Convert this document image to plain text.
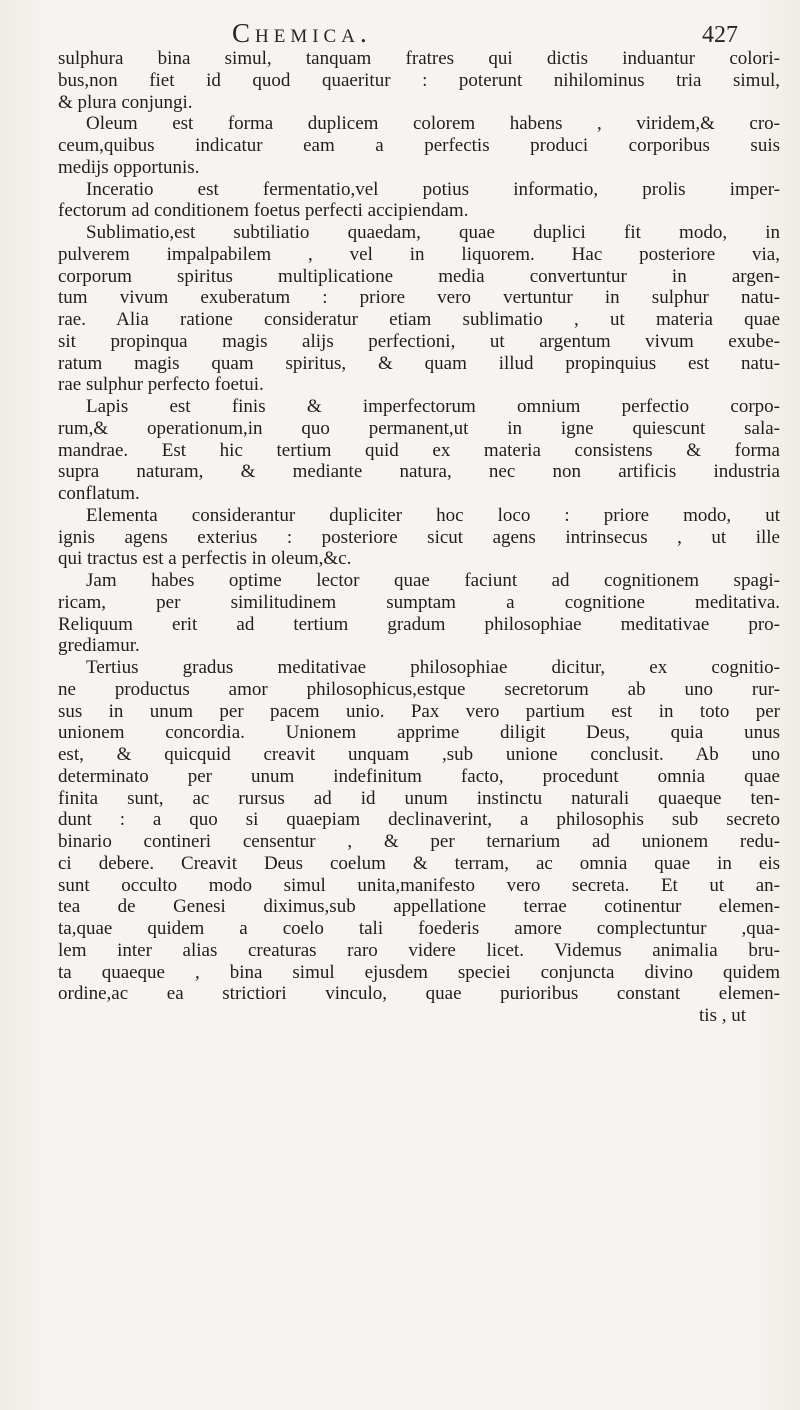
Chemica.	427
sulphura bina simul, tanquam fratres qui dictis induantur colori-
bus,non fiet id quod quaeritur : poterunt nihilominus tria simul,
& plura conjungi.
Oleum est forma duplicem colorem habens , viridem,& cro-
ceum,quibus indicatur eam a perfectis produci corporibus suis
medijs opportunis.
Inceratio est fermentatio,vel potius informatio, prolis imper-
fectorum ad conditionem foetus perfecti accipiendam.
Sublimatio,est subtiliatio quaedam, quae duplici fit modo, in
pulverem impalpabilem , vel in liquorem. Hac posteriore via,
corporum spiritus multiplicatione media convertuntur in argen-
tum vivum exuberatum : priore vero vertuntur in sulphur natu-
rae. Alia ratione consideratur etiam sublimatio , ut materia quae
sit propinqua magis alijs perfectioni, ut argentum vivum exube-
ratum magis quam spiritus, & quam illud propinquius est natu-
rae sulphur perfecto foetui.
Lapis est finis & imperfectorum omnium perfectio corpo-
rum,& operationum,in quo permanent,ut in igne quiescunt sala-
mandrae. Est hic tertium quid ex materia consistens & forma
supra naturam, & mediante natura, nec non artificis industria
conflatum.
Elementa considerantur dupliciter hoc loco : priore modo, ut
ignis agens exterius : posteriore sicut agens intrinsecus , ut ille
qui tractus est a perfectis in oleum,&c.
Jam habes optime lector quae faciunt ad cognitionem spagi-
ricam, per similitudinem sumptam a cognitione meditativa.
Reliquum erit ad tertium gradum philosophiae meditativae pro-
grediamur.
Tertius gradus meditativae philosophiae dicitur, ex cognitio-
ne productus amor philosophicus,estque secretorum ab uno rur-
sus in unum per pacem unio. Pax vero partium est in toto per
unionem concordia. Unionem apprime diligit Deus, quia unus
est, & quicquid creavit unquam ,sub unione conclusit. Ab uno
determinato per unum indefinitum facto, procedunt omnia quae
finita sunt, ac rursus ad id unum instinctu naturali quaeque ten-
dunt : a quo si quaepiam declinaverint, a philosophis sub secreto
binario contineri censentur , & per ternarium ad unionem redu-
ci debere. Creavit Deus coelum & terram, ac omnia quae in eis
sunt occulto modo simul unita,manifesto vero secreta. Et ut an-
tea de Genesi diximus,sub appellatione terrae cotinentur elemen-
ta,quae quidem a coelo tali foederis amore complectuntur ,qua-
lem inter alias creaturas raro videre licet. Videmus animalia bru-
ta quaeque , bina simul ejusdem speciei conjuncta divino quidem
ordine,ac ea strictiori vinculo, quae purioribus constant elemen-
tis , ut
